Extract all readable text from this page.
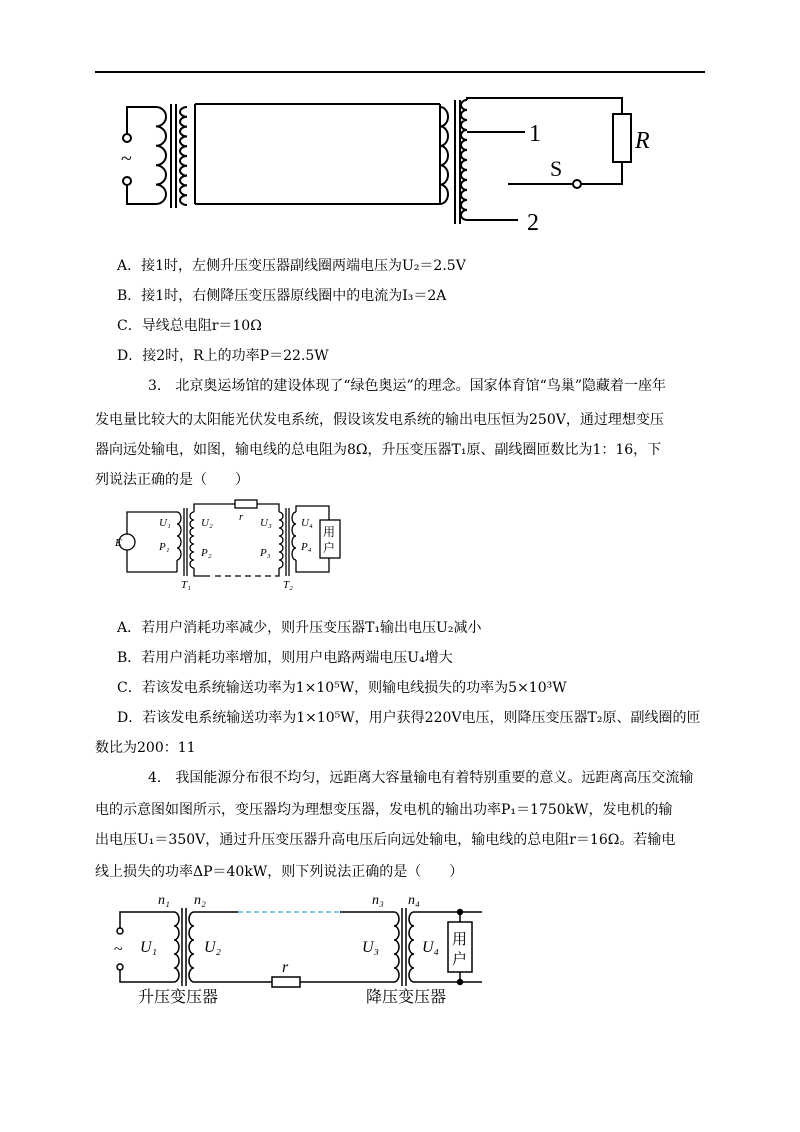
~
1
2
S
R
A．接1时，左侧升压变压器副线圈两端电压为U₂＝2.5V
B．接1时，右侧降压变压器原线圈中的电流为I₃＝2A
C．导线总电阻r＝10Ω
D．接2时，R上的功率P＝22.5W
3.　北京奥运场馆的建设体现了“绿色奥运”的理念。国家体育馆“鸟巢”隐藏着一座年
发电量比较大的太阳能光伏发电系统，假设该发电系统的输出电压恒为250V，通过理想变压
器向远处输电，如图，输电线的总电阻为8Ω，升压变压器T₁原、副线圈匝数比为1：16，下
列说法正确的是（　　）
E
用
户
U₁
P₁
U₂
P₂
r U₃
P₃
U₄
P₄
T₁	T₂
A．若用户消耗功率减少，则升压变压器T₁输出电压U₂减小
B．若用户消耗功率增加，则用户电路两端电压U₄增大
C．若该发电系统输送功率为1×10⁵W，则输电线损失的功率为5×10³W
D．若该发电系统输送功率为1×10⁵W，用户获得220V电压，则降压变压器T₂原、副线圈的匝
数比为200：11
4.　我国能源分布很不均匀，远距离大容量输电有着特别重要的意义。远距离高压交流输
电的示意图如图所示，变压器均为理想变压器，发电机的输出功率P₁＝1750kW，发电机的输
出电压U₁＝350V，通过升压变压器升高电压后向远处输电，输电线的总电阻r＝16Ω。若输电
线上损失的功率ΔP＝40kW，则下列说法正确的是（　　）
n₁ n₂	n₃ n₄
~
用
户
U₁	U₂	U₃	U₄
r
升压变压器	降压变压器
